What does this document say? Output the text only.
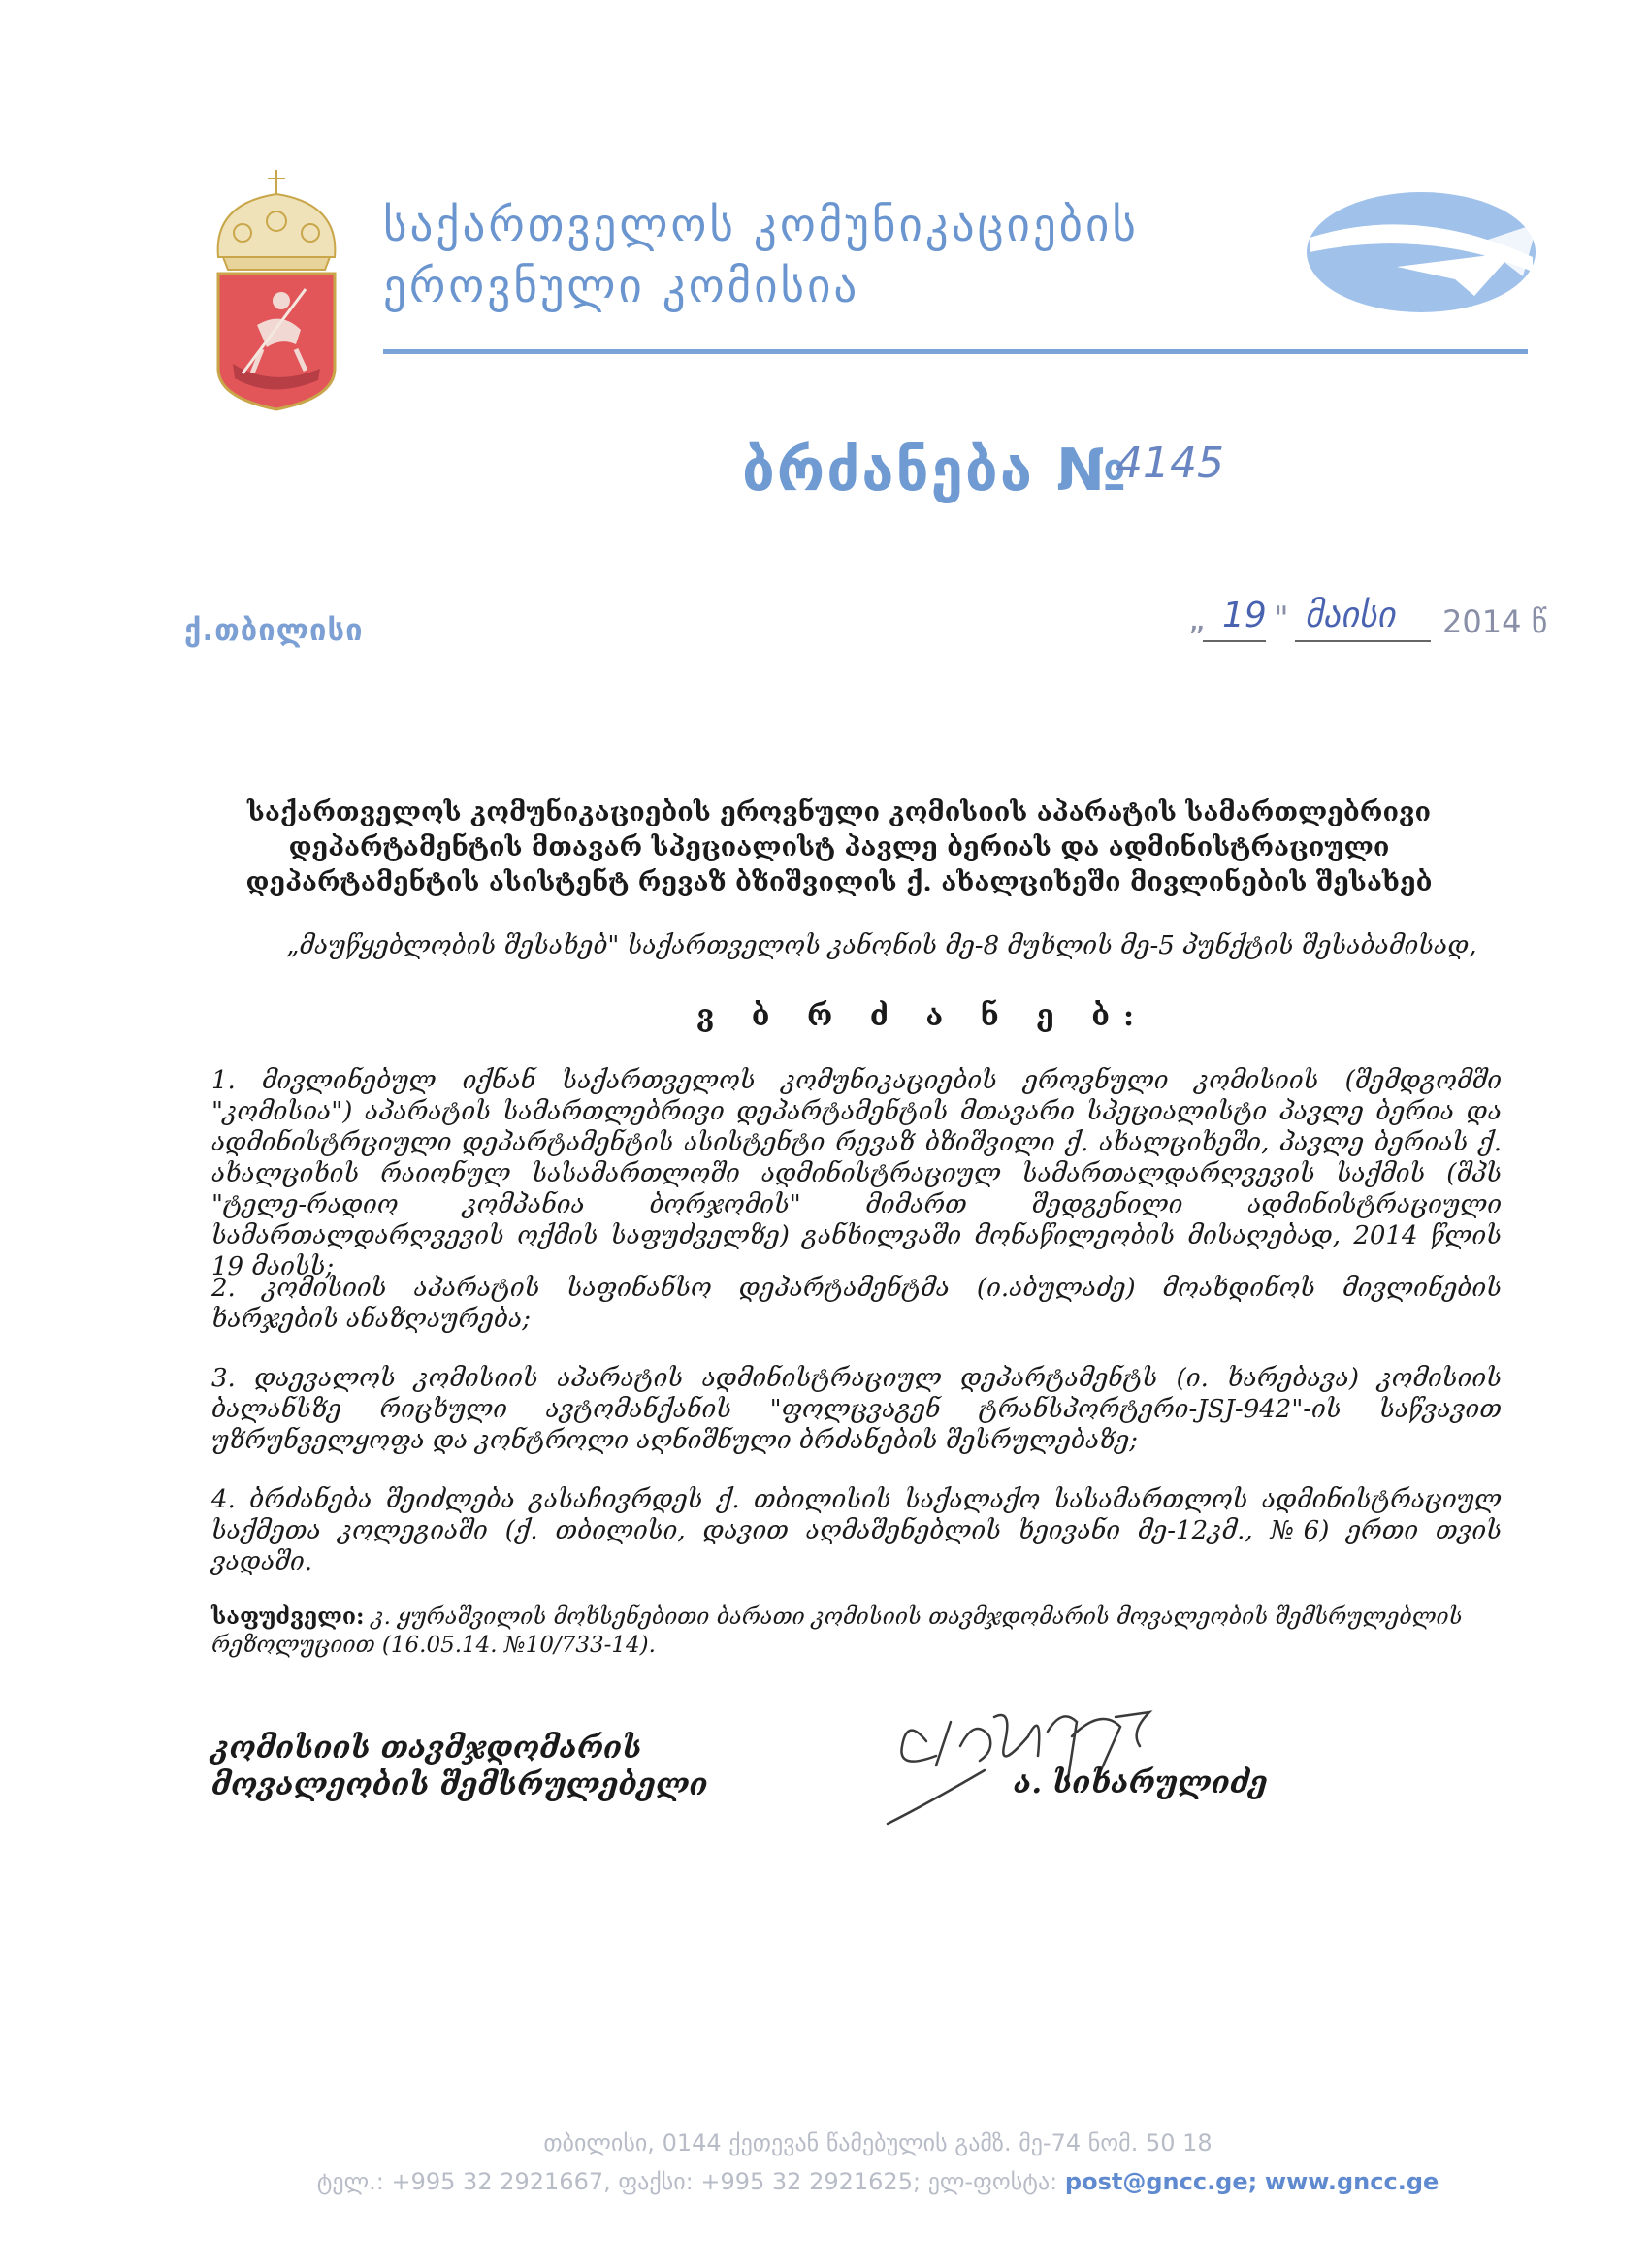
საქართველოს კომუნიკაციების
ეროვნული კომისია
ბრძანება №
4145
ქ.თბილისი	„ 19 " მაისი 2014 წ
საქართველოს კომუნიკაციების ეროვნული კომისიის აპარატის სამართლებრივი
დეპარტამენტის მთავარ სპეციალისტ პავლე ბერიას და ადმინისტრაციული
დეპარტამენტის ასისტენტ რევაზ ბზიშვილის ქ. ახალციხეში მივლინების შესახებ
„მაუწყებლობის შესახებ" საქართველოს კანონის მე-8 მუხლის მე-5 პუნქტის შესაბამისად,
ვ ბ რ ძ ა ნ ე ბ:
1. მივლინებულ იქნან საქართველოს კომუნიკაციების ეროვნული კომისიის (შემდგომში "კომისია") აპარატის სამართლებრივი დეპარტამენტის მთავარი სპეციალისტი პავლე ბერია და ადმინისტრციული დეპარტამენტის ასისტენტი რევაზ ბზიშვილი ქ. ახალციხეში, პავლე ბერიას ქ. ახალციხის რაიონულ სასამართლოში ადმინისტრაციულ სამართალდარღვევის საქმის (შპს "ტელე-რადიო კომპანია ბორჯომის" მიმართ შედგენილი ადმინისტრაციული სამართალდარღვევის ოქმის საფუძველზე) განხილვაში მონაწილეობის მისაღებად, 2014 წლის 19 მაისს;
2. კომისიის აპარატის საფინანსო დეპარტამენტმა (ი.აბულაძე) მოახდინოს მივლინების ხარჯების ანაზღაურება;
3. დაევალოს კომისიის აპარატის ადმინისტრაციულ დეპარტამენტს (ი. ხარებავა) კომისიის ბალანსზე რიცხული ავტომანქანის "ფოლცვაგენ ტრანსპორტერი-JSJ-942"-ის საწვავით უზრუნველყოფა და კონტროლი აღნიშნული ბრძანების შესრულებაზე;
4. ბრძანება შეიძლება გასაჩივრდეს ქ. თბილისის საქალაქო სასამართლოს ადმინისტრაციულ საქმეთა კოლეგიაში (ქ. თბილისი, დავით აღმაშენებლის ხეივანი მე-12კმ., №6) ერთი თვის ვადაში.
საფუძველი: კ. ყურაშვილის მოხსენებითი ბარათი კომისიის თავმჯდომარის მოვალეობის შემსრულებლის რეზოლუციით (16.05.14. №10/733-14).
კომისიის თავმჯდომარის
მოვალეობის შემსრულებელი	ა. სიხარულიძე
თბილისი, 0144 ქეთევან წამებულის გამზ. მე-74 ნომ. 50 18
ტელ.: +995 32 2921667, ფაქსი: +995 32 2921625; ელ-ფოსტა: post@gncc.ge; www.gncc.ge
